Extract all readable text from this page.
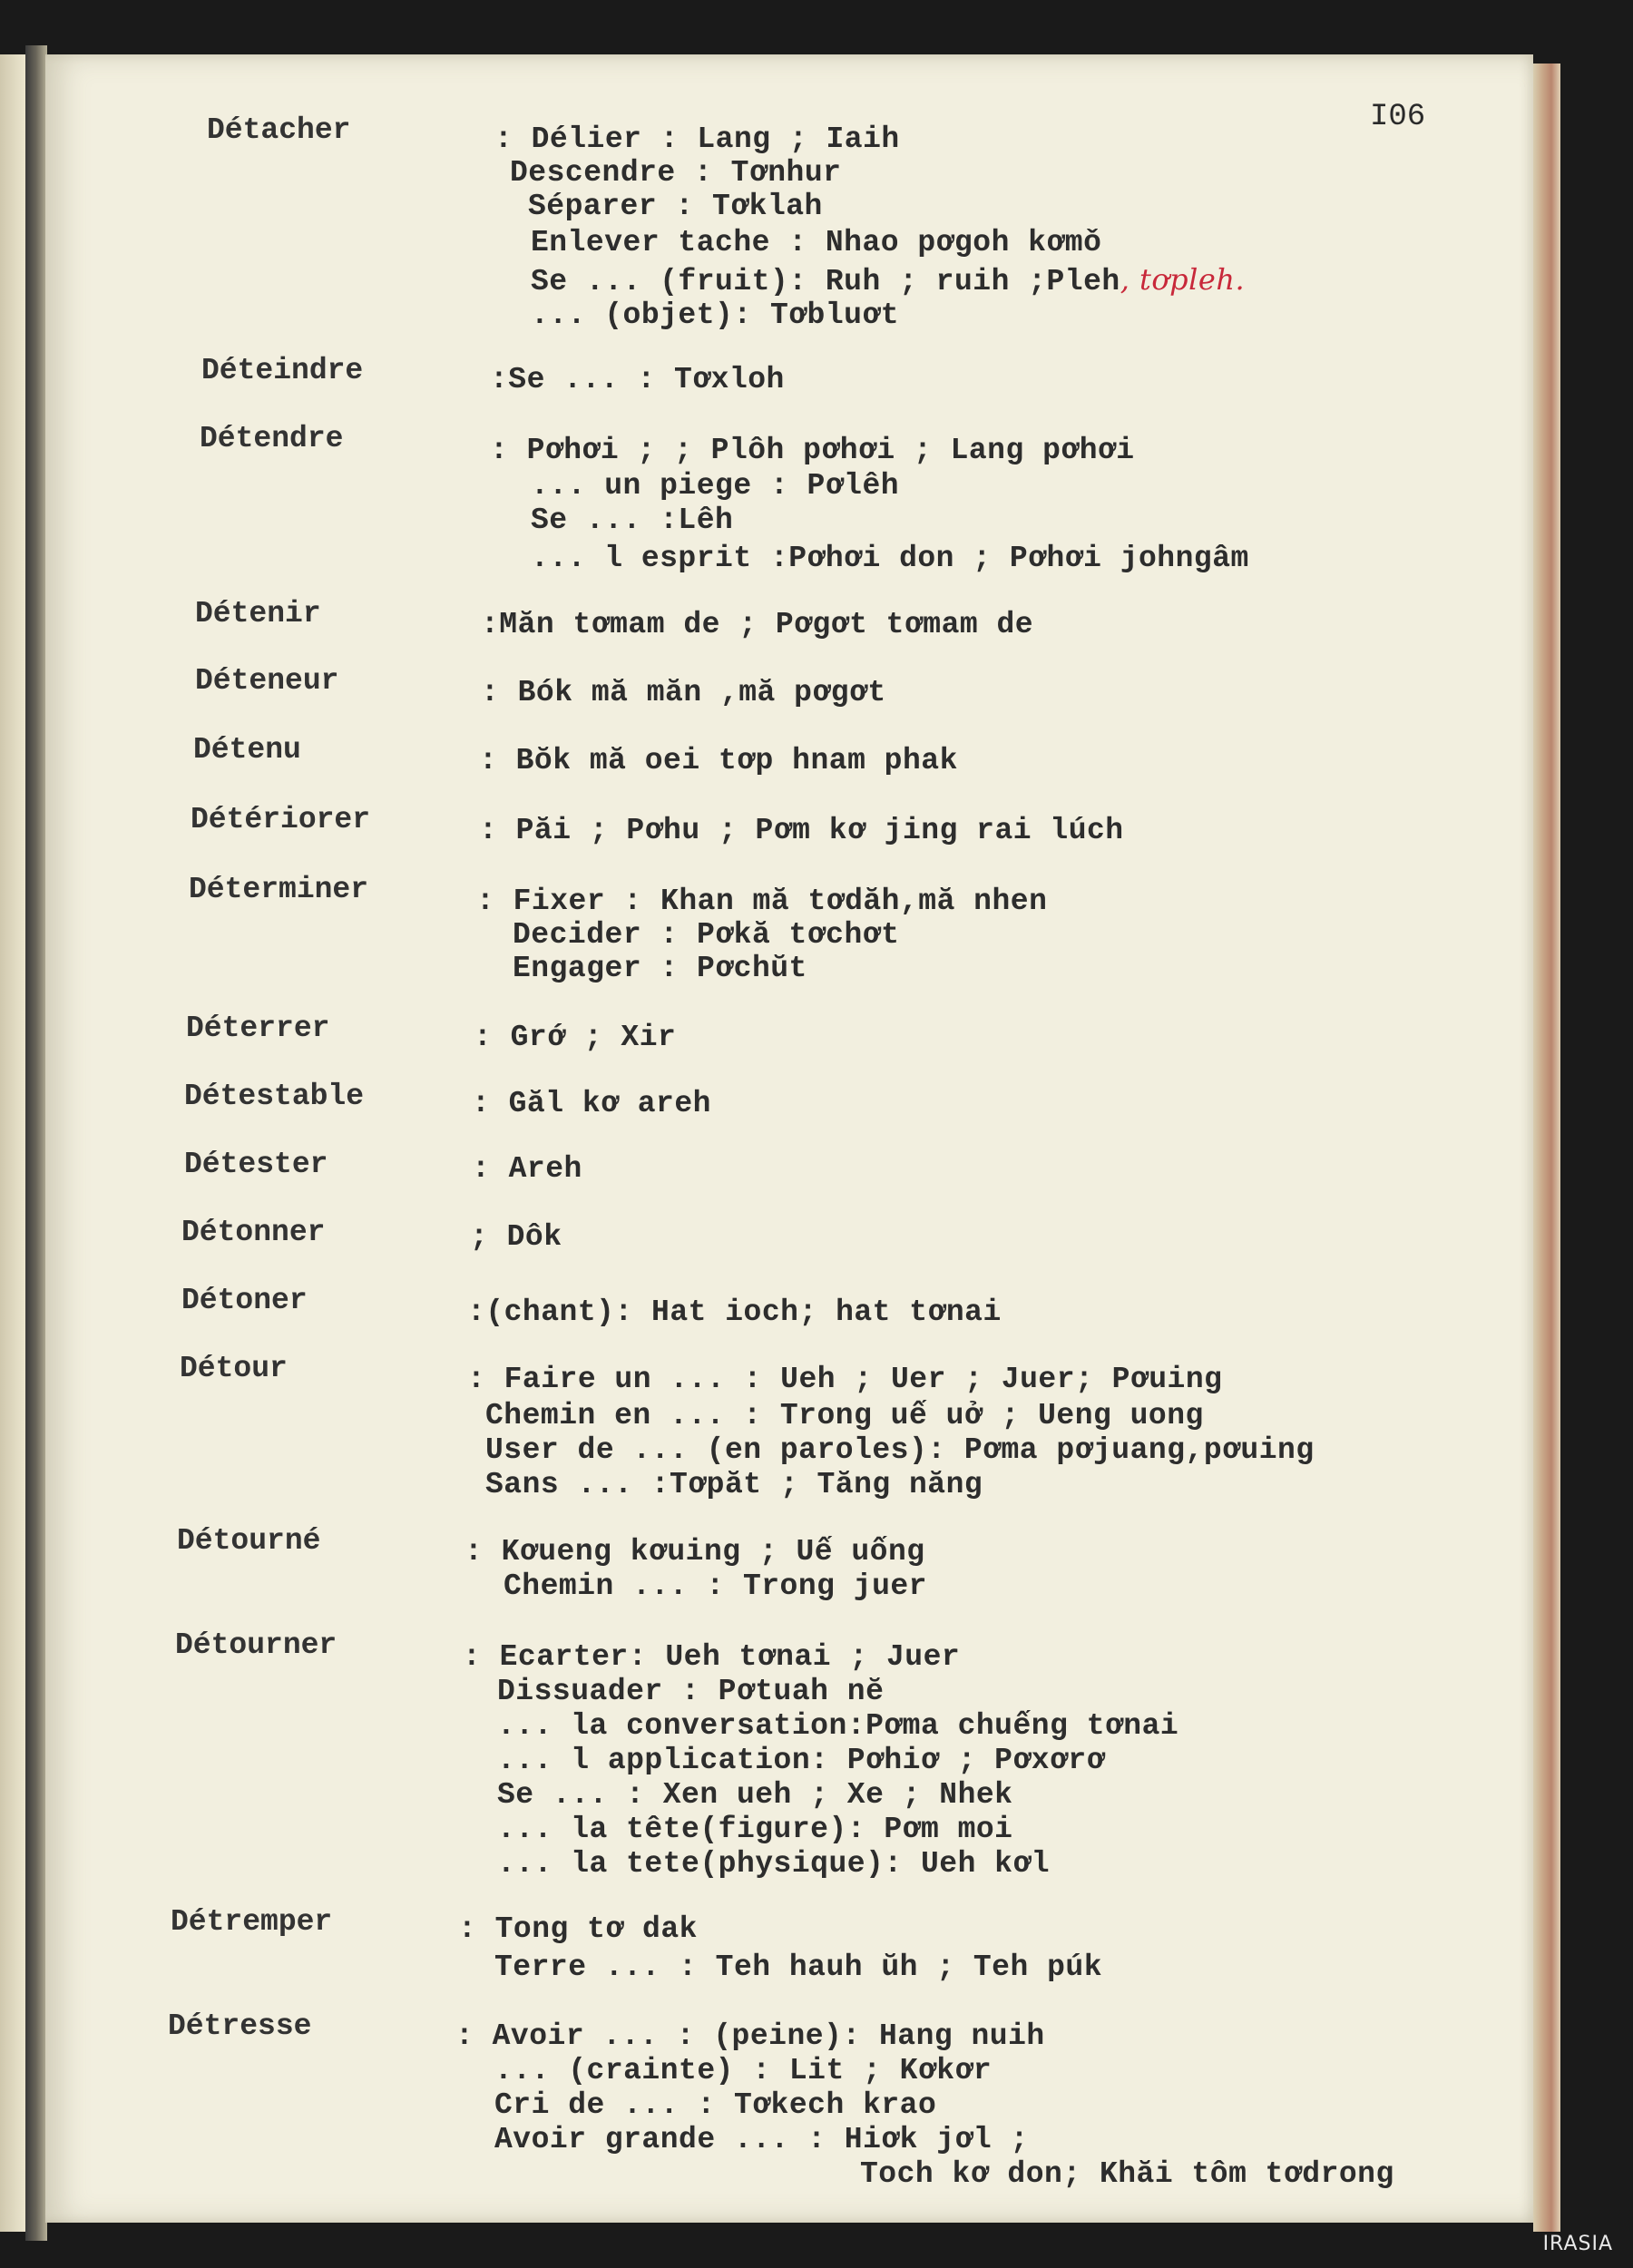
I06
Détacher	: Délier : Lang ; Iaih
Descendre : Tơnhur
Séparer : Tơklah
Enlever tache : Nhao pơgoh kơmǒ
Se ... (fruit): Ruh ; ruih ;Pleh, tơpleh.
... (objet): Tơbluơt
Déteindre	:Se ... : Tơxloh
Détendre	: Pơhơi ; ; Plôh pơhơi ; Lang pơhơi
... un piege : Pơlêh
Se ... :Lêh
... l esprit :Pơhơi don ; Pơhơi johngâm
Détenir	:Măn tơmam de ; Pơgơt tơmam de
Déteneur	: Bók mă măn ,mă pơgơt
Détenu	: Bŏk mă oei tơp hnam phak
Détériorer	: Păi ; Pơhu ; Pơm kơ jing rai lúch
Déterminer	: Fixer : Khan mă tơdăh,mă nhen
Decider : Pơkă tơchơt
Engager : Pơchŭt
Déterrer	: Grớ ; Xir
Détestable	: Găl kơ areh
Détester	: Areh
Détonner	; Dôk
Détoner	:(chant): Hat ioch; hat tơnai
Détour	: Faire un ... : Ueh ; Uer ; Juer; Pơuing
Chemin en ... : Trong uế uở ; Ueng uong
User de ... (en paroles): Pơma pơjuang,pơuing
Sans ... :Tơpăt ; Tăng năng
Détourné	: Kơueng kơuing ; Uế uống
Chemin ... : Trong juer
Détourner	: Ecarter: Ueh tơnai ; Juer
Dissuader : Pơtuah nĕ
... la conversation:Pơma chuếng tơnai
... l application: Pơhiơ ; Pơxơrơ
Se ... : Xen ueh ; Xe ; Nhek
... la tête(figure): Pơm moi
... la tete(physique): Ueh kơl
Détremper	: Tong tơ dak
Terre ... : Teh hauh ŭh ; Teh púk
Détresse	: Avoir ... : (peine): Hang nuih
... (crainte) : Lit ; Kơkơr
Cri de ... : Tơkech krao
Avoir grande ... : Hiơk jơl ;
Toch kơ don; Khăi tôm tơdrong
IRASIA
